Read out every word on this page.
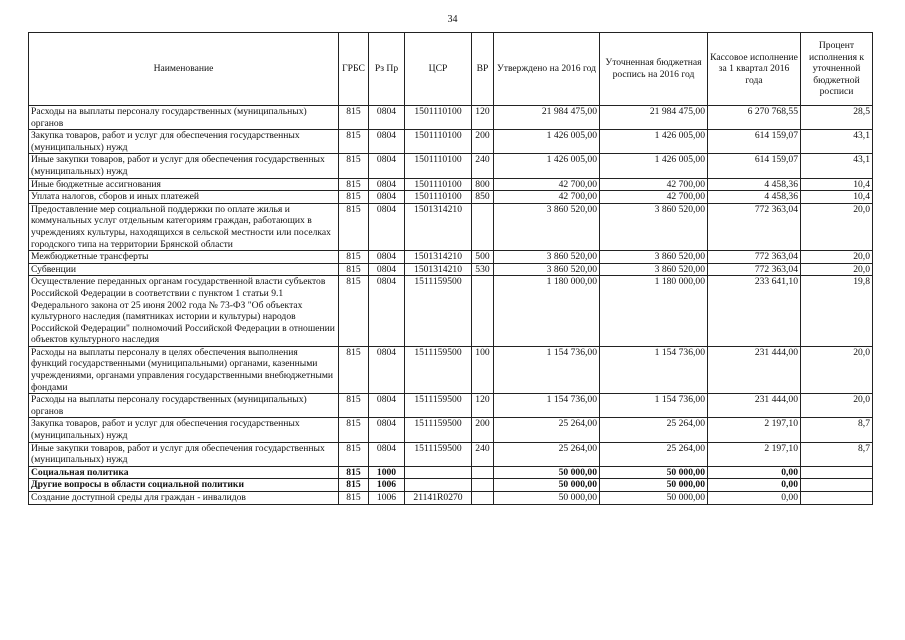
34
Наименование	ГРБС	Рз Пр	ЦСР	ВР	Утверждено на 2016 год	Уточненная бюджетная роспись на 2016 год	Кассовое исполнение за 1 квартал 2016 года	Процент исполнения к уточненной бюджетной росписи
Расходы на выплаты персоналу государственных (муниципальных) органов	815	0804	1501110100	120	21 984 475,00	21 984 475,00	6 270 768,55	28,5
Закупка товаров, работ и услуг для обеспечения государственных (муниципальных) нужд	815	0804	1501110100	200	1 426 005,00	1 426 005,00	614 159,07	43,1
Иные закупки товаров, работ и услуг для обеспечения государственных (муниципальных) нужд	815	0804	1501110100	240	1 426 005,00	1 426 005,00	614 159,07	43,1
Иные бюджетные ассигнования	815	0804	1501110100	800	42 700,00	42 700,00	4 458,36	10,4
Уплата налогов, сборов и иных платежей	815	0804	1501110100	850	42 700,00	42 700,00	4 458,36	10,4
Предоставление мер социальной поддержки по оплате жилья и коммунальных услуг отдельным категориям граждан, работающих в учреждениях культуры, находящихся в сельской местности или поселках городского типа на территории Брянской области	815	0804	1501314210		3 860 520,00	3 860 520,00	772 363,04	20,0
Межбюджетные трансферты	815	0804	1501314210	500	3 860 520,00	3 860 520,00	772 363,04	20,0
Субвенции	815	0804	1501314210	530	3 860 520,00	3 860 520,00	772 363,04	20,0
Осуществление переданных органам государственной власти субъектов Российской Федерации в соответствии с пунктом 1 статьи 9.1 Федерального закона от 25 июня 2002 года № 73-ФЗ "Об объектах культурного наследия (памятниках истории и культуры) народов Российской Федерации" полномочий Российской Федерации в отношении объектов культурного наследия	815	0804	1511159500		1 180 000,00	1 180 000,00	233 641,10	19,8
Расходы на выплаты персоналу в целях обеспечения выполнения функций государственными (муниципальными) органами, казенными учреждениями, органами управления государственными внебюджетными фондами	815	0804	1511159500	100	1 154 736,00	1 154 736,00	231 444,00	20,0
Расходы на выплаты персоналу государственных (муниципальных) органов	815	0804	1511159500	120	1 154 736,00	1 154 736,00	231 444,00	20,0
Закупка товаров, работ и услуг для обеспечения государственных (муниципальных) нужд	815	0804	1511159500	200	25 264,00	25 264,00	2 197,10	8,7
Иные закупки товаров, работ и услуг для обеспечения государственных (муниципальных) нужд	815	0804	1511159500	240	25 264,00	25 264,00	2 197,10	8,7
Социальная политика	815	1000			50 000,00	50 000,00	0,00	
Другие вопросы в области социальной политики	815	1006			50 000,00	50 000,00	0,00	
Создание доступной среды для граждан - инвалидов	815	1006	21141R0270		50 000,00	50 000,00	0,00	
